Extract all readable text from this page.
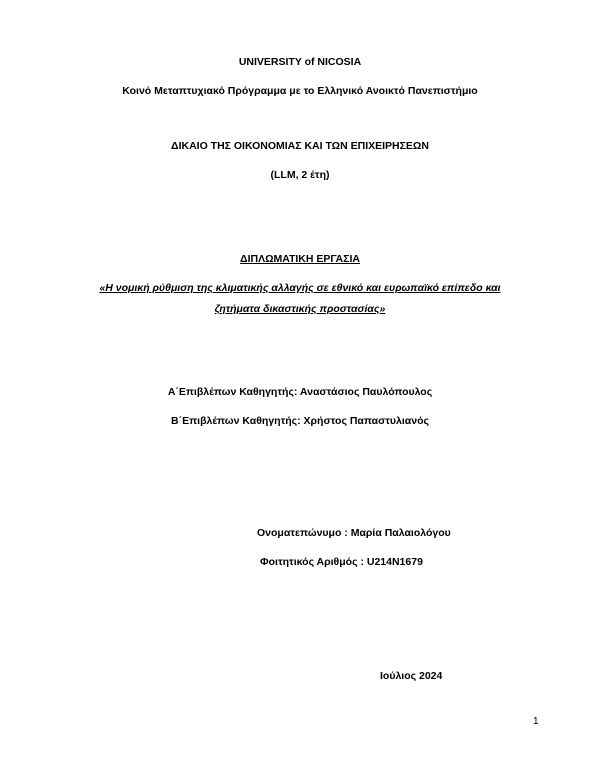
UNIVERSITY of NICOSIA
Κοινό Μεταπτυχιακό Πρόγραμμα με το Ελληνικό Ανοικτό Πανεπιστήμιο
ΔΙΚΑΙΟ ΤΗΣ ΟΙΚΟΝΟΜΙΑΣ ΚΑΙ ΤΩΝ ΕΠΙΧΕΙΡΗΣΕΩΝ
(LLM, 2 έτη)
ΔΙΠΛΩΜΑΤΙΚΗ ΕΡΓΑΣΙΑ
«Η νομική ρύθμιση της κλιματικής αλλαγής σε εθνικό και ευρωπαϊκό επίπεδο και
ζητήματα δικαστικής προστασίας»
Α΄Επιβλέπων Καθηγητής: Αναστάσιος Παυλόπουλος
Β΄Επιβλέπων Καθηγητής: Χρήστος Παπαστυλιανός
Ονοματεπώνυμο : Μαρία Παλαιολόγου
Φοιτητικός Αριθμός : U214N1679
Ιούλιος 2024
1
